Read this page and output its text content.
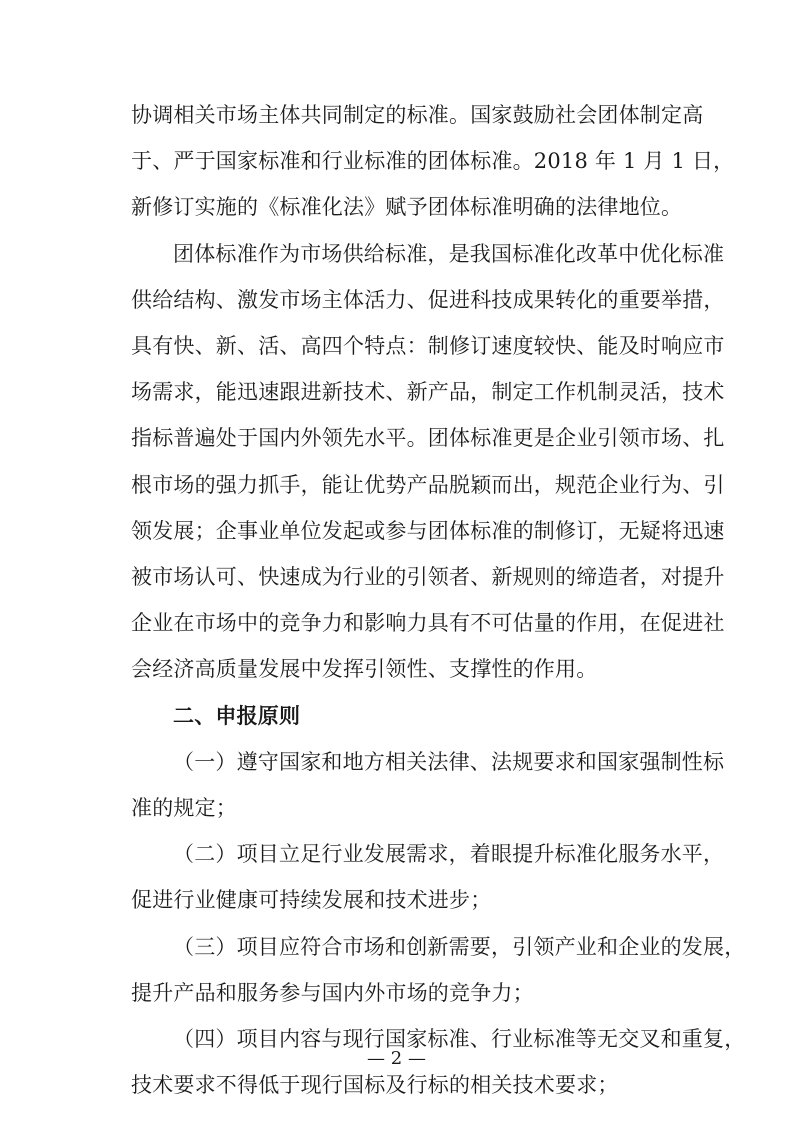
协调相关市场主体共同制定的标准。国家鼓励社会团体制定高
于、严于国家标准和行业标准的团体标准。2018 年 1 月 1 日，
新修订实施的《标准化法》赋予团体标准明确的法律地位。
团体标准作为市场供给标准，是我国标准化改革中优化标准
供给结构、激发市场主体活力、促进科技成果转化的重要举措，
具有快、新、活、高四个特点：制修订速度较快、能及时响应市
场需求，能迅速跟进新技术、新产品，制定工作机制灵活，技术
指标普遍处于国内外领先水平。团体标准更是企业引领市场、扎
根市场的强力抓手，能让优势产品脱颖而出，规范企业行为、引
领发展；企事业单位发起或参与团体标准的制修订，无疑将迅速
被市场认可、快速成为行业的引领者、新规则的缔造者，对提升
企业在市场中的竞争力和影响力具有不可估量的作用，在促进社
会经济高质量发展中发挥引领性、支撑性的作用。
二、申报原则
（一）遵守国家和地方相关法律、法规要求和国家强制性标
准的规定；
（二）项目立足行业发展需求，着眼提升标准化服务水平，
促进行业健康可持续发展和技术进步；
（三）项目应符合市场和创新需要，引领产业和企业的发展，
提升产品和服务参与国内外市场的竞争力；
（四）项目内容与现行国家标准、行业标准等无交叉和重复，
技术要求不得低于现行国标及行标的相关技术要求；
— 2 —
